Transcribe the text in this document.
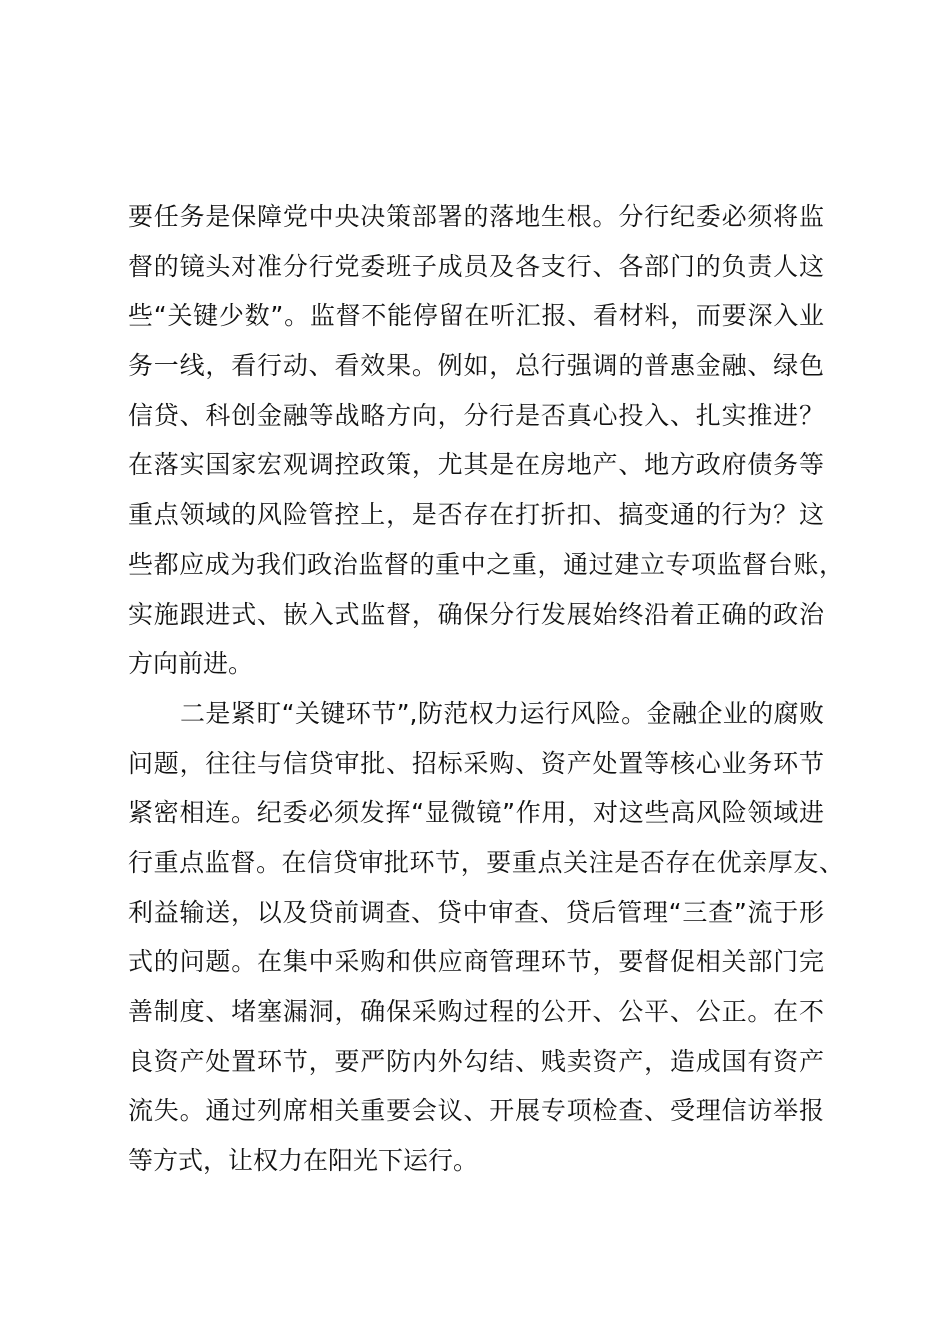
要任务是保障党中央决策部署的落地生根。分行纪委必须将监
督的镜头对准分行党委班子成员及各支行、各部门的负责人这
些“关键少数”。监督不能停留在听汇报、看材料，而要深入业
务一线，看行动、看效果。例如，总行强调的普惠金融、绿色
信贷、科创金融等战略方向，分行是否真心投入、扎实推进？
在落实国家宏观调控政策，尤其是在房地产、地方政府债务等
重点领域的风险管控上，是否存在打折扣、搞变通的行为？这
些都应成为我们政治监督的重中之重，通过建立专项监督台账，
实施跟进式、嵌入式监督，确保分行发展始终沿着正确的政治
方向前进。
二是紧盯“关键环节”,防范权力运行风险。金融企业的腐败
问题，往往与信贷审批、招标采购、资产处置等核心业务环节
紧密相连。纪委必须发挥“显微镜”作用，对这些高风险领域进
行重点监督。在信贷审批环节，要重点关注是否存在优亲厚友、
利益输送，以及贷前调查、贷中审查、贷后管理“三查”流于形
式的问题。在集中采购和供应商管理环节，要督促相关部门完
善制度、堵塞漏洞，确保采购过程的公开、公平、公正。在不
良资产处置环节，要严防内外勾结、贱卖资产，造成国有资产
流失。通过列席相关重要会议、开展专项检查、受理信访举报
等方式，让权力在阳光下运行。
